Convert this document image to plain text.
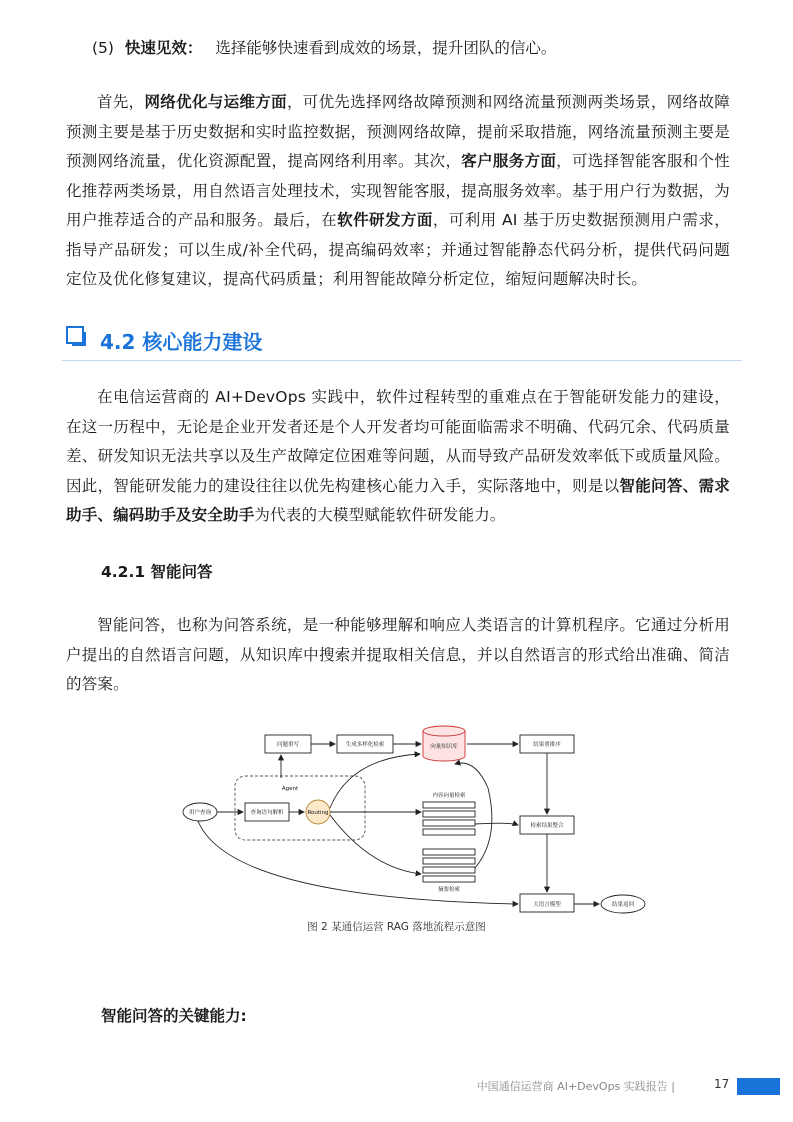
(5) 快速见效： 选择能够快速看到成效的场景，提升团队的信心。

首先，网络优化与运维方面，可优先选择网络故障预测和网络流量预测两类场景，网络故障预测主要是基于历史数据和实时监控数据，预测网络故障，提前采取措施，网络流量预测主要是预测网络流量，优化资源配置，提高网络利用率。其次，客户服务方面，可选择智能客服和个性化推荐两类场景，用自然语言处理技术，实现智能客服，提高服务效率。基于用户行为数据，为用户推荐适合的产品和服务。最后，在软件研发方面，可利用 AI 基于历史数据预测用户需求，指导产品研发；可以生成/补全代码，提高编码效率；并通过智能静态代码分析，提供代码问题定位及优化修复建议，提高代码质量；利用智能故障分析定位，缩短问题解决时长。

4.2 核心能力建设

在电信运营商的 AI+DevOps 实践中，软件过程转型的重难点在于智能研发能力的建设，在这一历程中，无论是企业开发者还是个人开发者均可能面临需求不明确、代码冗余、代码质量差、研发知识无法共享以及生产故障定位困难等问题，从而导致产品研发效率低下或质量风险。因此，智能研发能力的建设往往以优先构建核心能力入手，实际落地中，则是以智能问答、需求助手、编码助手及安全助手为代表的大模型赋能软件研发能力。

4.2.1 智能问答

智能问答，也称为问答系统，是一种能够理解和响应人类语言的计算机程序。它通过分析用户提出的自然语言问题，从知识库中搜索并提取相关信息，并以自然语言的形式给出准确、简洁的答案。

问题重写	生成多样化检索	向量知识库	结果重排序
用户查询
Agent
查询语句解析	Routing
内容向量检索
检索结果整合
摘要检索
大语言模型	结果返回
图 2 某通信运营 RAG 落地流程示意图
智能问答的关键能力:
中国通信运营商 AI+DevOps 实践报告 |	17
